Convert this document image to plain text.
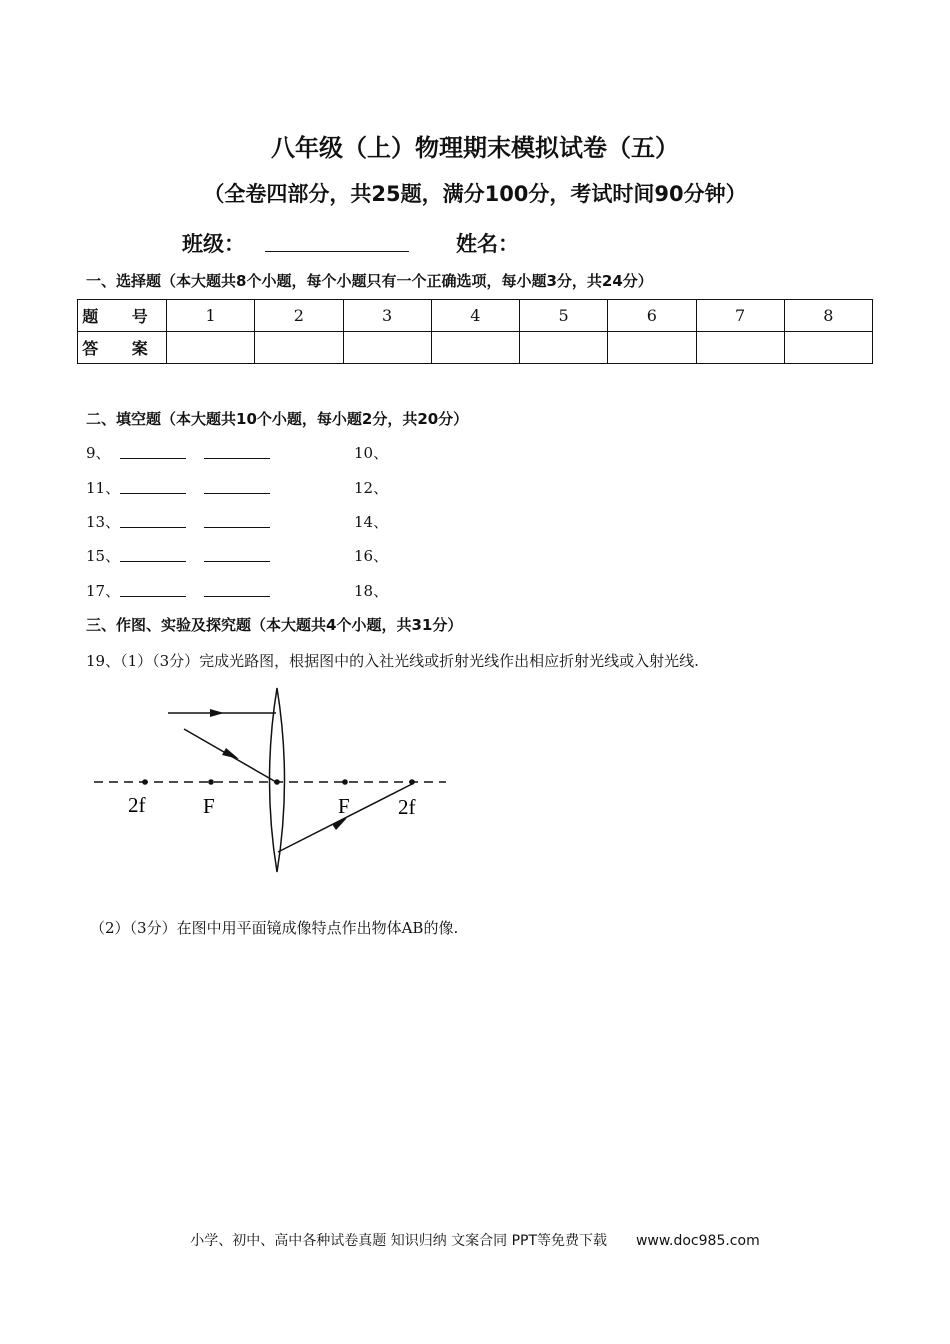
八年级（上）物理期末模拟试卷（五）
（全卷四部分，共25题，满分100分，考试时间90分钟）
班级：	姓名：
一、选择题（本大题共8个小题，每个小题只有一个正确选项，每小题3分，共24分）
题 号	1	2	3	4	5	6	7	8
答 案								
二、填空题（本大题共10个小题，每小题2分，共20分）
9、	10、
11、	12、
13、	14、
15、	16、
17、	18、
三、作图、实验及探究题（本大题共4个小题，共31分）
19、（1）（3分）完成光路图，根据图中的入社光线或折射光线作出相应折射光线或入射光线.
2f	F	F 2f
（2）（3分）在图中用平面镜成像特点作出物体AB的像.
小学、初中、高中各种试卷真题 知识归纳 文案合同 PPT等免费下载 www.doc985.com
